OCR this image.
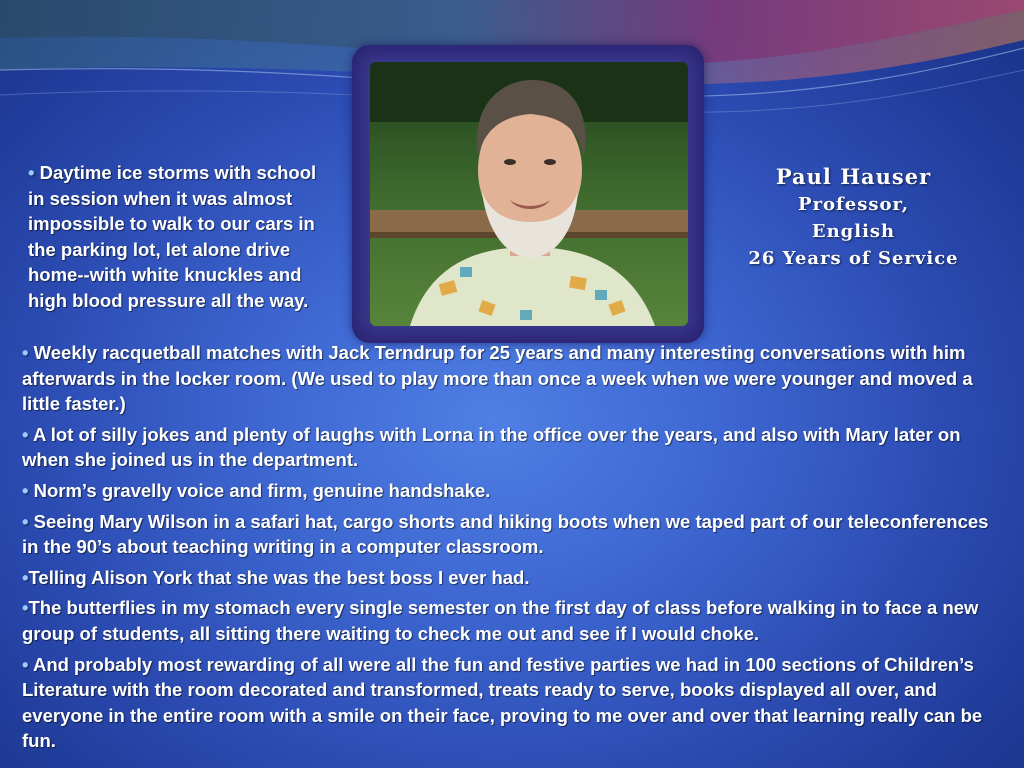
• Daytime ice storms with school in session when it was almost impossible to walk to our cars in the parking lot, let alone drive home--with white knuckles and high blood pressure all the way.
Paul Hauser
Professor,
English
26 Years of Service
• Weekly racquetball matches with Jack Terndrup for 25 years and many interesting conversations with him afterwards in the locker room. (We used to play more than once a week when we were younger and moved a little faster.)
• A lot of silly jokes and plenty of laughs with Lorna in the office over the years, and also with Mary later on when she joined us in the department.
• Norm’s gravelly voice and firm, genuine handshake.
• Seeing Mary Wilson in a safari hat, cargo shorts and hiking boots when we taped part of our teleconferences in the 90’s about teaching writing in a computer classroom.
•Telling Alison York that she was the best boss I ever had.
•The butterflies in my stomach every single semester on the first day of class before walking in to face a new group of students, all sitting there waiting to check me out and see if I would choke.
• And probably most rewarding of all were all the fun and festive parties we had in 100 sections of Children’s Literature with the room decorated and transformed, treats ready to serve, books displayed all over, and everyone in the entire room with a smile on their face, proving to me over and over that learning really can be fun.
